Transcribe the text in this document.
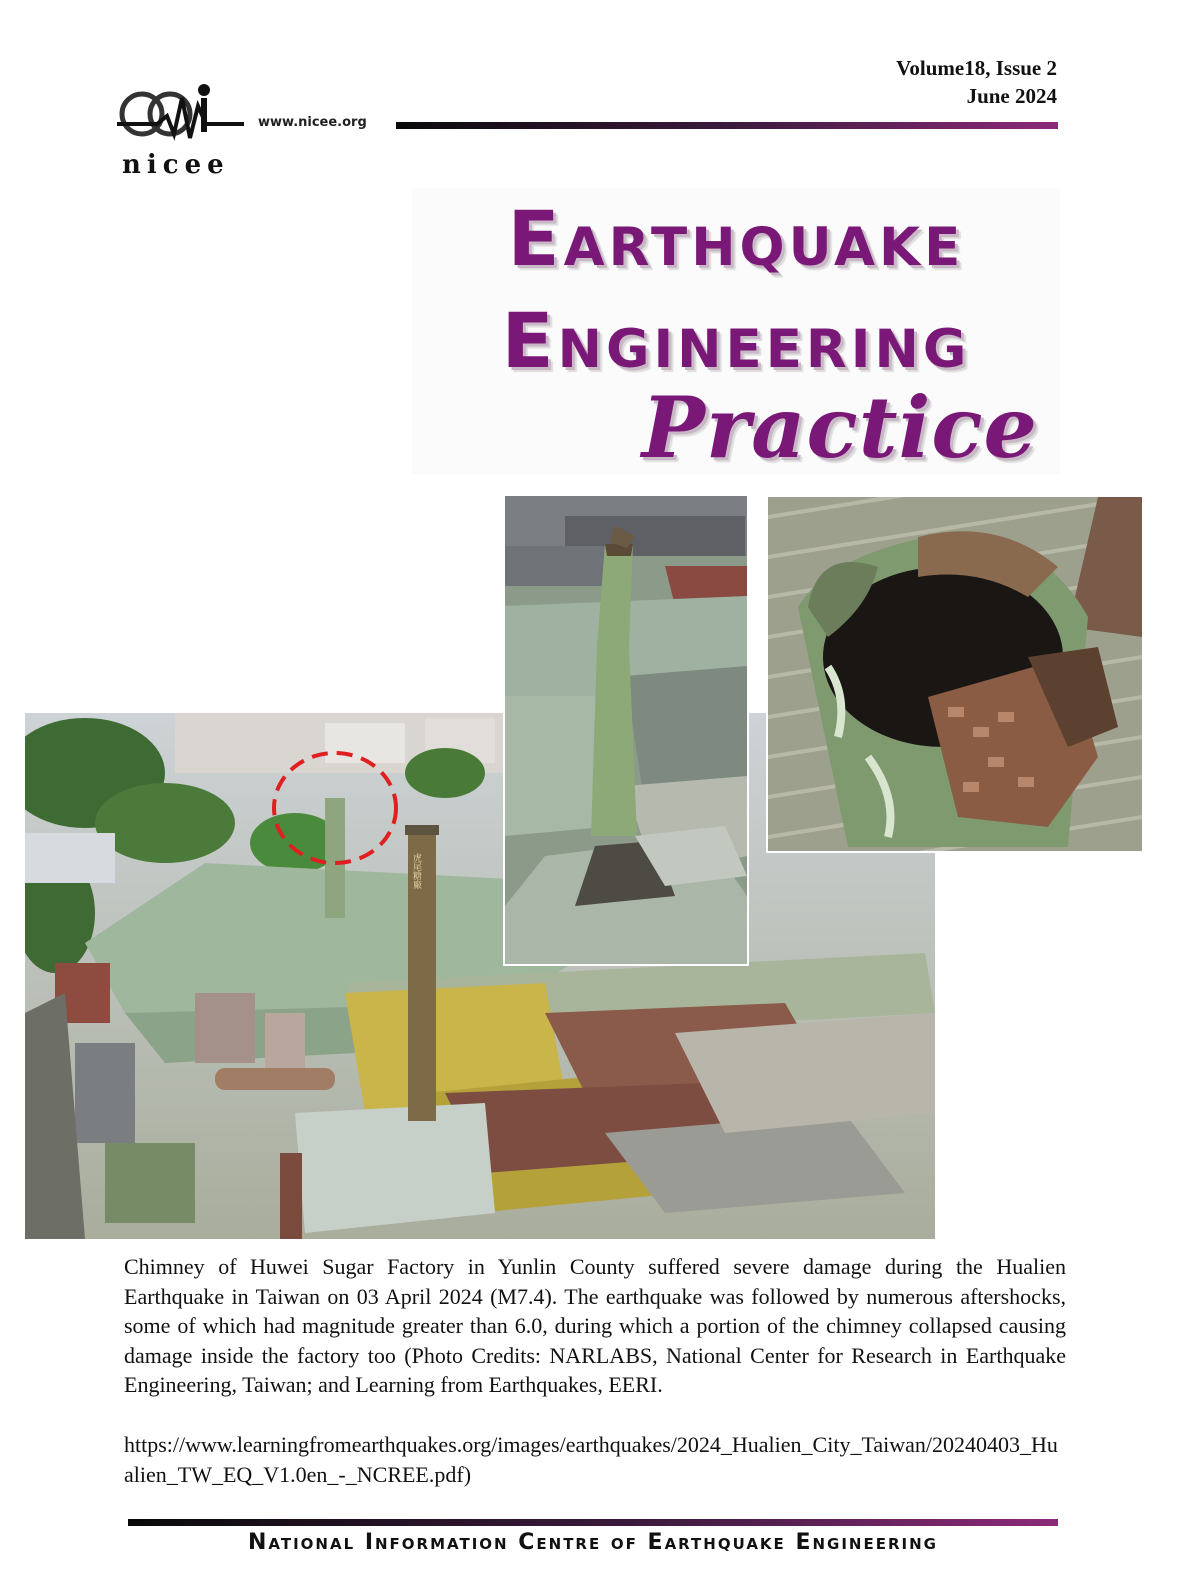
nicee
www.nicee.org
Volume18, Issue 2
June 2024
Earthquake
Engineering
Practice
虎尾糖廠
Chimney of Huwei Sugar Factory in Yunlin County suffered severe damage during the Hualien Earthquake in Taiwan on 03 April 2024 (M7.4). The earthquake was followed by numerous aftershocks, some of which had magnitude greater than 6.0, during which a portion of the chimney collapsed causing damage inside the factory too (Photo Credits: NARLABS, National Center for Research in Earthquake Engineering, Taiwan; and Learning from Earthquakes, EERI.
https://www.learningfromearthquakes.org/images/earthquakes/2024_Hualien_City_Taiwan/20240403_Hualien_TW_EQ_V1.0en_-_NCREE.pdf)
National Information Centre of Earthquake Engineering
